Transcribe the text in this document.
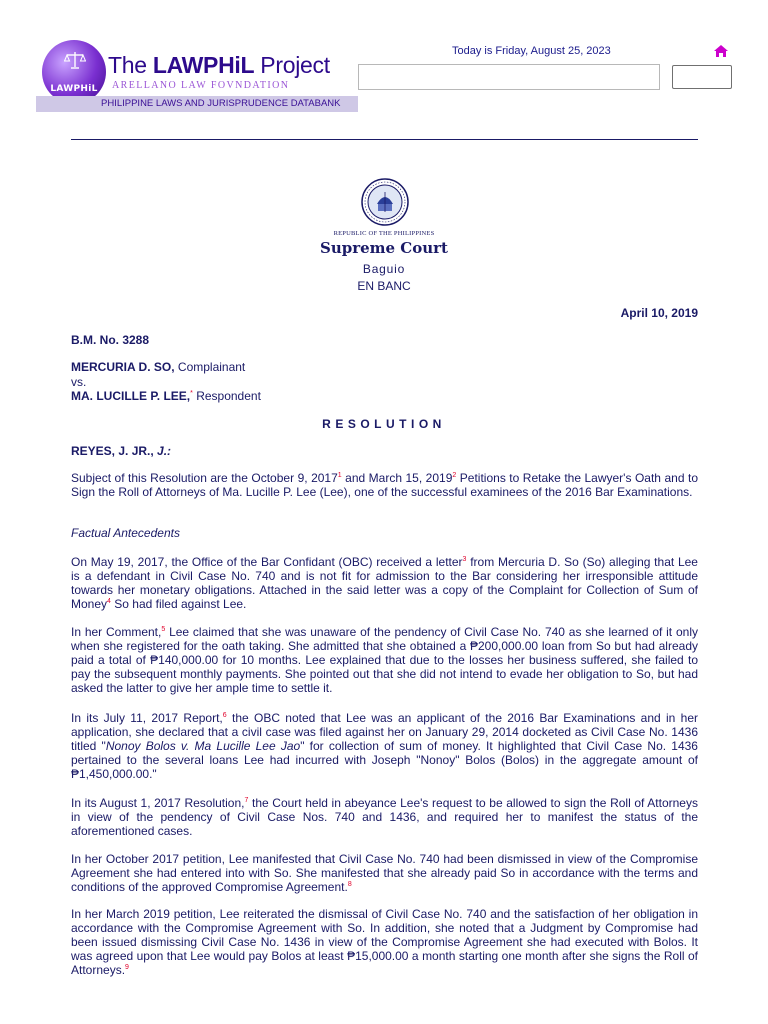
LAWPHiL
The LAWPHiL Project
ARELLANO LAW FOVNDATION
PHILIPPINE LAWS AND JURISPRUDENCE DATABANK
Today is Friday, August 25, 2023
REPUBLIC OF THE PHILIPPINES
Supreme Court
Baguio
EN BANC
April 10, 2019
B.M. No. 3288
MERCURIA D. SO, Complainant
vs.
MA. LUCILLE P. LEE,* Respondent
RESOLUTION
REYES, J. JR., J.:
Subject of this Resolution are the October 9, 2017$^1$ and March 15, 2019$^2$ Petitions to Retake the Lawyer's Oath and to Sign the Roll of Attorneys of Ma. Lucille P. Lee (Lee), one of the successful examinees of the 2016 Bar Examinations.
Factual Antecedents
On May 19, 2017, the Office of the Bar Confidant (OBC) received a letter$^3$ from Mercuria D. So (So) alleging that Lee is a defendant in Civil Case No. 740 and is not fit for admission to the Bar considering her irresponsible attitude towards her monetary obligations. Attached in the said letter was a copy of the Complaint for Collection of Sum of Money$^4$ So had filed against Lee.
In her Comment,$^5$ Lee claimed that she was unaware of the pendency of Civil Case No. 740 as she learned of it only when she registered for the oath taking. She admitted that she obtained a ₱200,000.00 loan from So but had already paid a total of ₱140,000.00 for 10 months. Lee explained that due to the losses her business suffered, she failed to pay the subsequent monthly payments. She pointed out that she did not intend to evade her obligation to So, but had asked the latter to give her ample time to settle it.
In its July 11, 2017 Report,$^6$ the OBC noted that Lee was an applicant of the 2016 Bar Examinations and in her application, she declared that a civil case was filed against her on January 29, 2014 docketed as Civil Case No. 1436 titled "Nonoy Bolos v. Ma Lucille Lee Jao" for collection of sum of money. It highlighted that Civil Case No. 1436 pertained to the several loans Lee had incurred with Joseph "Nonoy" Bolos (Bolos) in the aggregate amount of ₱1,450,000.00."
In its August 1, 2017 Resolution,$^7$ the Court held in abeyance Lee's request to be allowed to sign the Roll of Attorneys in view of the pendency of Civil Case Nos. 740 and 1436, and required her to manifest the status of the aforementioned cases.
In her October 2017 petition, Lee manifested that Civil Case No. 740 had been dismissed in view of the Compromise Agreement she had entered into with So. She manifested that she already paid So in accordance with the terms and conditions of the approved Compromise Agreement.$^8$
In her March 2019 petition, Lee reiterated the dismissal of Civil Case No. 740 and the satisfaction of her obligation in accordance with the Compromise Agreement with So. In addition, she noted that a Judgment by Compromise had been issued dismissing Civil Case No. 1436 in view of the Compromise Agreement she had executed with Bolos. It was agreed upon that Lee would pay Bolos at least ₱15,000.00 a month starting one month after she signs the Roll of Attorneys.$^9$
